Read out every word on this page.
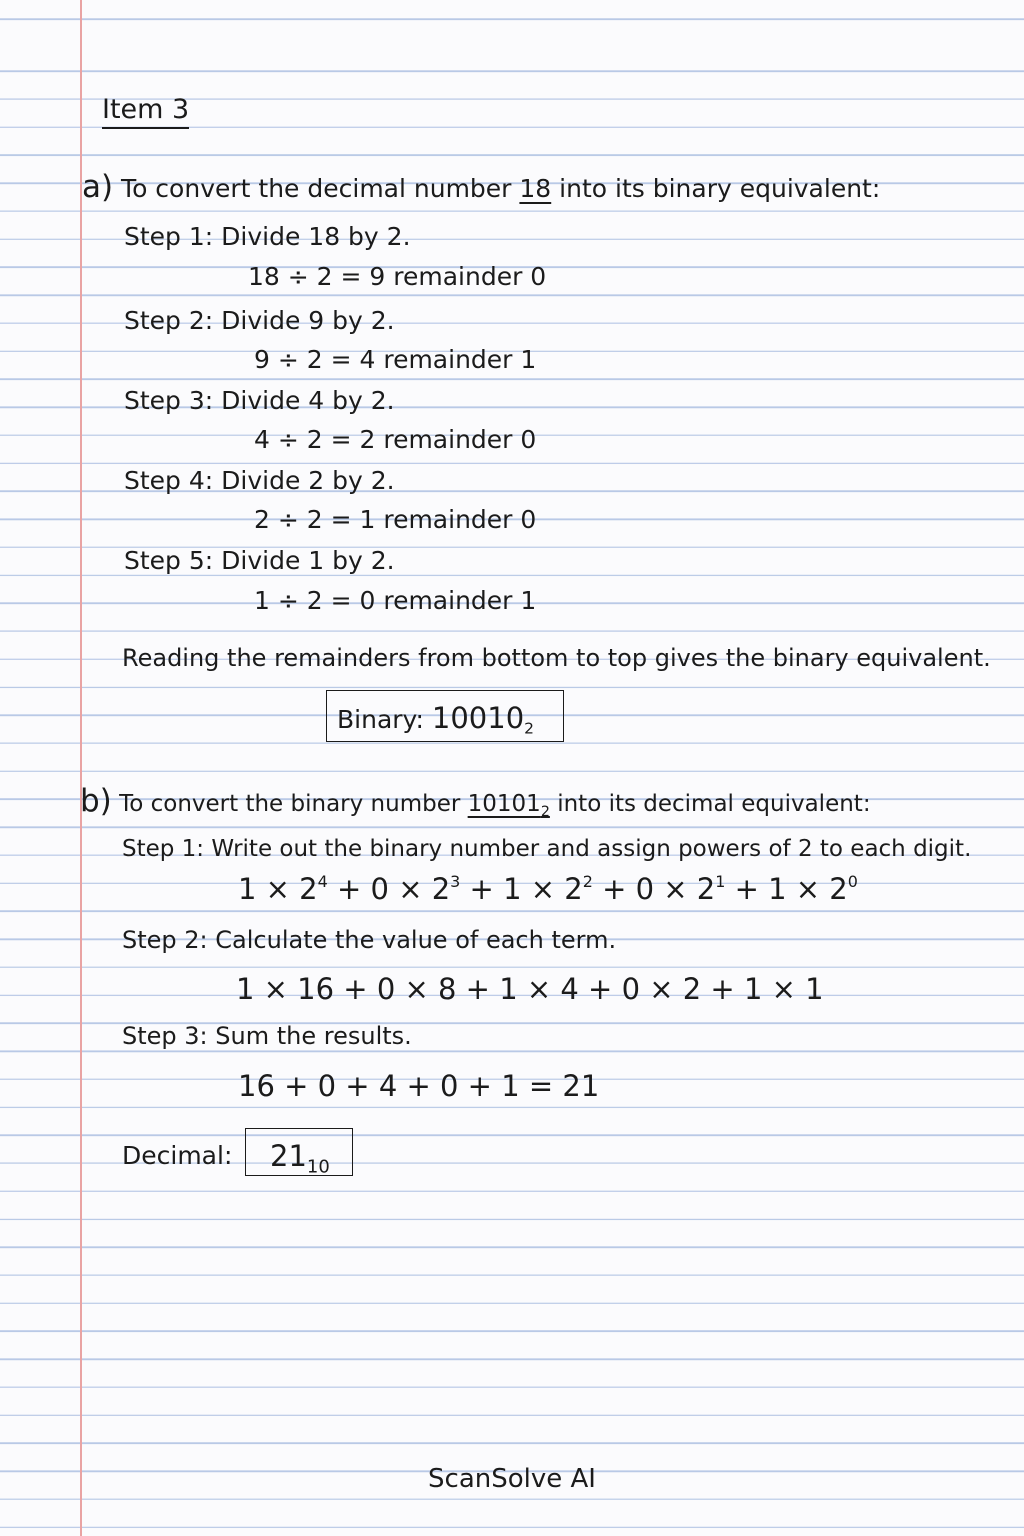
Item 3
a) To convert the decimal number 18 into its binary equivalent:
Step 1: Divide 18 by 2.
18 ÷ 2 = 9 remainder 0
Step 2: Divide 9 by 2.
9 ÷ 2 = 4 remainder 1
Step 3: Divide 4 by 2.
4 ÷ 2 = 2 remainder 0
Step 4: Divide 2 by 2.
2 ÷ 2 = 1 remainder 0
Step 5: Divide 1 by 2.
1 ÷ 2 = 0 remainder 1
Reading the remainders from bottom to top gives the binary equivalent.
Binary: $10010_2$
b) To convert the binary number $10101_2$ into its decimal equivalent:
Step 1: Write out the binary number and assign powers of 2 to each digit.
$1 \times 2^4 + 0 \times 2^3 + 1 \times 2^2 + 0 \times 2^1 + 1 \times 2^0$
Step 2: Calculate the value of each term.
1 × 16 + 0 × 8 + 1 × 4 + 0 × 2 + 1 × 1
Step 3: Sum the results.
16 + 0 + 4 + 0 + 1 = 21
Decimal:	$21_{10}$
ScanSolve AI
